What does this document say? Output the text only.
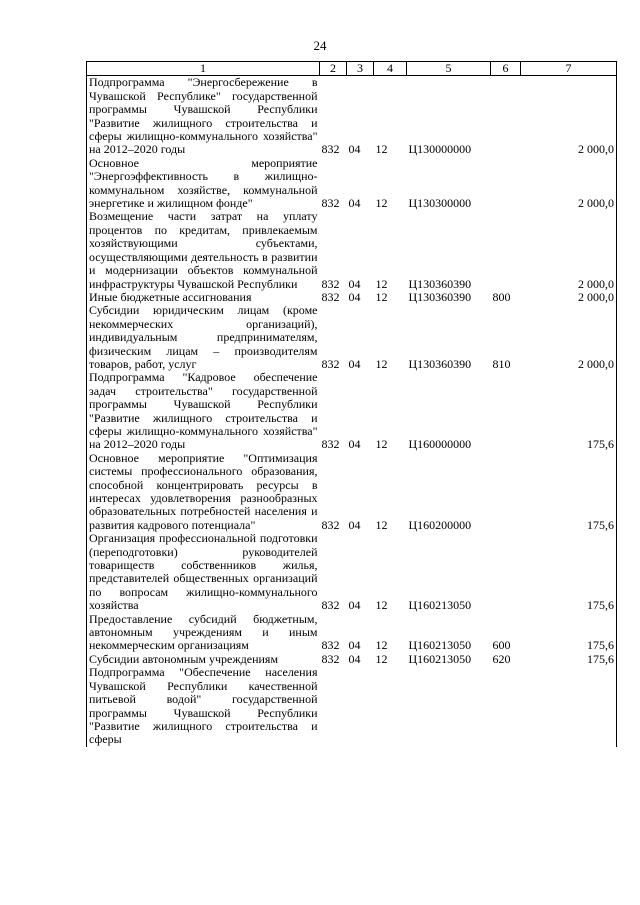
24
1	2	3	4	5	6	7
Подпрограмма "Энергосбережение в Чувашской Республике" государственной программы Чувашской Республики "Развитие жилищного строительства и сферы жилищно-коммунального хозяйства" на 2012–2020 годы	832	04	12	Ц130000000		2 000,0
Основное мероприятие "Энергоэффективность в жилищно-коммунальном хозяйстве, коммунальной энергетике и жилищном фонде"	832	04	12	Ц130300000		2 000,0
Возмещение части затрат на уплату процентов по кредитам, привлекаемым хозяйствующими субъектами, осуществляющими деятельность в развитии и модернизации объектов коммунальной инфраструктуры Чувашской Республики	832	04	12	Ц130360390		2 000,0
Иные бюджетные ассигнования	832	04	12	Ц130360390	800	2 000,0
Субсидии юридическим лицам (кроме некоммерческих организаций), индивидуальным предпринимателям, физическим лицам – производителям товаров, работ, услуг	832	04	12	Ц130360390	810	2 000,0
Подпрограмма "Кадровое обеспечение задач строительства" государственной программы Чувашской Республики "Развитие жилищного строительства и сферы жилищно-коммунального хозяйства" на 2012–2020 годы	832	04	12	Ц160000000		175,6
Основное мероприятие "Оптимизация системы профессионального образования, способной концентрировать ресурсы в интересах удовлетворения разнообразных образовательных потребностей населения и развития кадрового потенциала"	832	04	12	Ц160200000		175,6
Организация профессиональной подготовки (переподготовки) руководителей товариществ собственников жилья, представителей общественных организаций по вопросам жилищно-коммунального хозяйства	832	04	12	Ц160213050		175,6
Предоставление субсидий бюджетным, автономным учреждениям и иным некоммерческим организациям	832	04	12	Ц160213050	600	175,6
Субсидии автономным учреждениям	832	04	12	Ц160213050	620	175,6
Подпрограмма "Обеспечение населения Чувашской Республики качественной питьевой водой" государственной программы Чувашской Республики "Развитие жилищного строительства и сферы						
